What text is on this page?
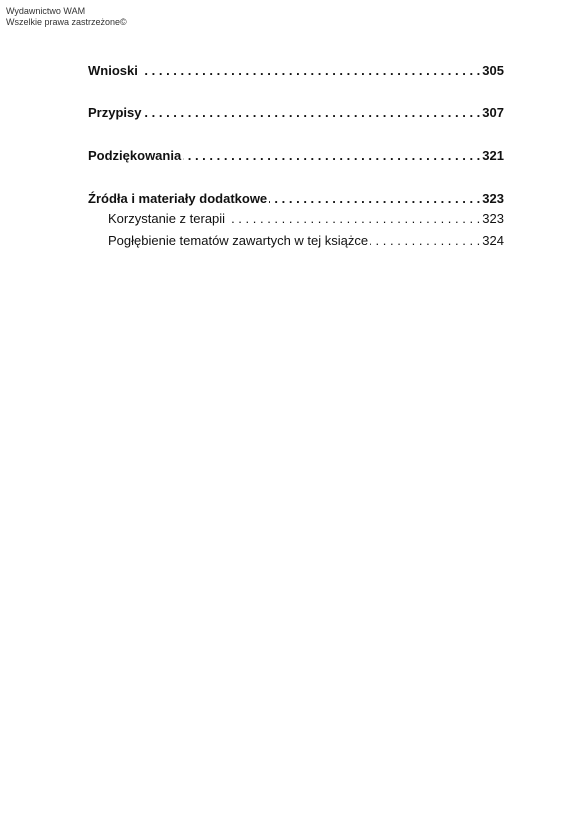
Wydawnictwo WAM
Wszelkie prawa zastrzeżone©
Wnioski . . .	305
Przypisy . . .	307
Podziękowania . . .	321
Źródła i materiały dodatkowe . . .	323
Korzystanie z terapii . . .	323
Pogłębienie tematów zawartych w tej książce . . .	324
